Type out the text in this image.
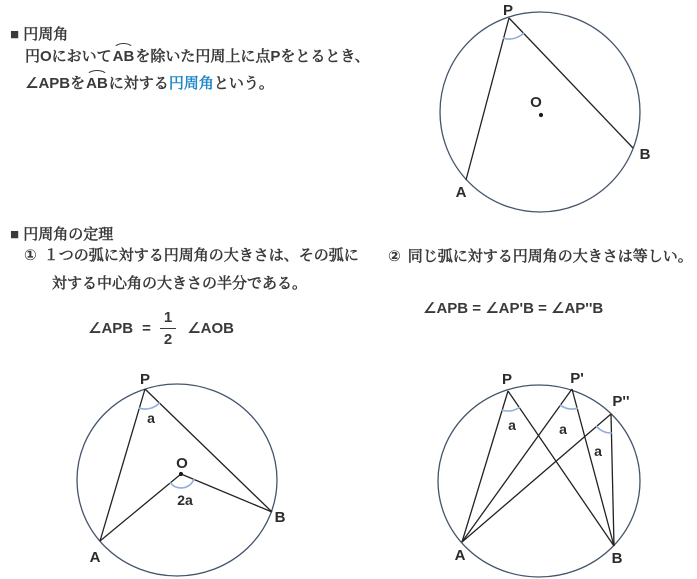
■ 円周角
円OにおいてABを除いた円周上に点Pをとるとき、
∠APBをABに対する円周角という。
■ 円周角の定理
① １つの弧に対する円周角の大きさは、その弧に
対する中心角の大きさの半分である。
∠APB = $\frac{1}{2}$ ∠AOB
② 同じ弧に対する円周角の大きさは等しい。
∠APB = ∠AP'B = ∠AP''B
P
O
A
B
P
O
A
B
a
2a
P	P'
P''
A	B
a	a
a
